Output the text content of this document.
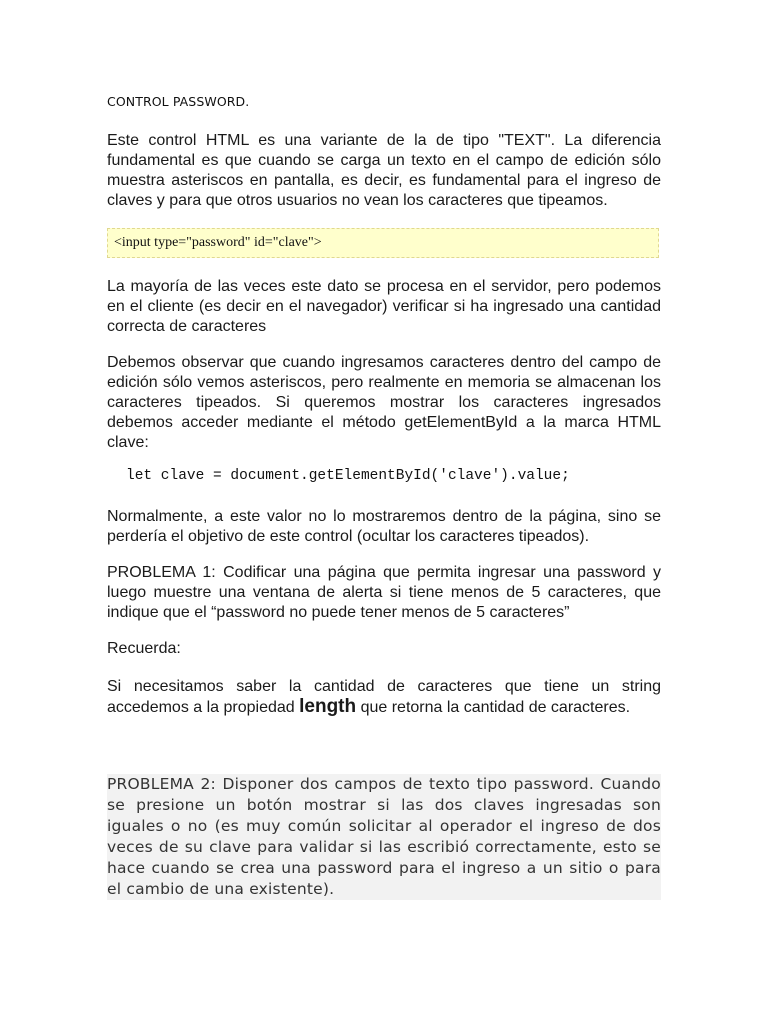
CONTROL PASSWORD.

Este control HTML es una variante de la de tipo "TEXT". La diferencia fundamental es que cuando se carga un texto en el campo de edición sólo muestra asteriscos en pantalla, es decir, es fundamental para el ingreso de claves y para que otros usuarios no vean los caracteres que tipeamos.

<input type="password" id="clave">

La mayoría de las veces este dato se procesa en el servidor, pero podemos en el cliente (es decir en el navegador) verificar si ha ingresado una cantidad correcta de caracteres

Debemos observar que cuando ingresamos caracteres dentro del campo de edición sólo vemos asteriscos, pero realmente en memoria se almacenan los caracteres tipeados. Si queremos mostrar los caracteres ingresados debemos acceder mediante el método getElementById a la marca HTML clave:

let clave = document.getElementById('clave').value;

Normalmente, a este valor no lo mostraremos dentro de la página, sino se perdería el objetivo de este control (ocultar los caracteres tipeados).

PROBLEMA 1: Codificar una página que permita ingresar una password y luego muestre una ventana de alerta si tiene menos de 5 caracteres, que indique que el “password no puede tener menos de 5 caracteres”

Recuerda:

Si necesitamos saber la cantidad de caracteres que tiene un string accedemos a la propiedad length que retorna la cantidad de caracteres.

PROBLEMA 2: Disponer dos campos de texto tipo password. Cuando se presione un botón mostrar si las dos claves ingresadas son iguales o no (es muy común solicitar al operador el ingreso de dos veces de su clave para validar si las escribió correctamente, esto se hace cuando se crea una password para el ingreso a un sitio o para el cambio de una existente).
